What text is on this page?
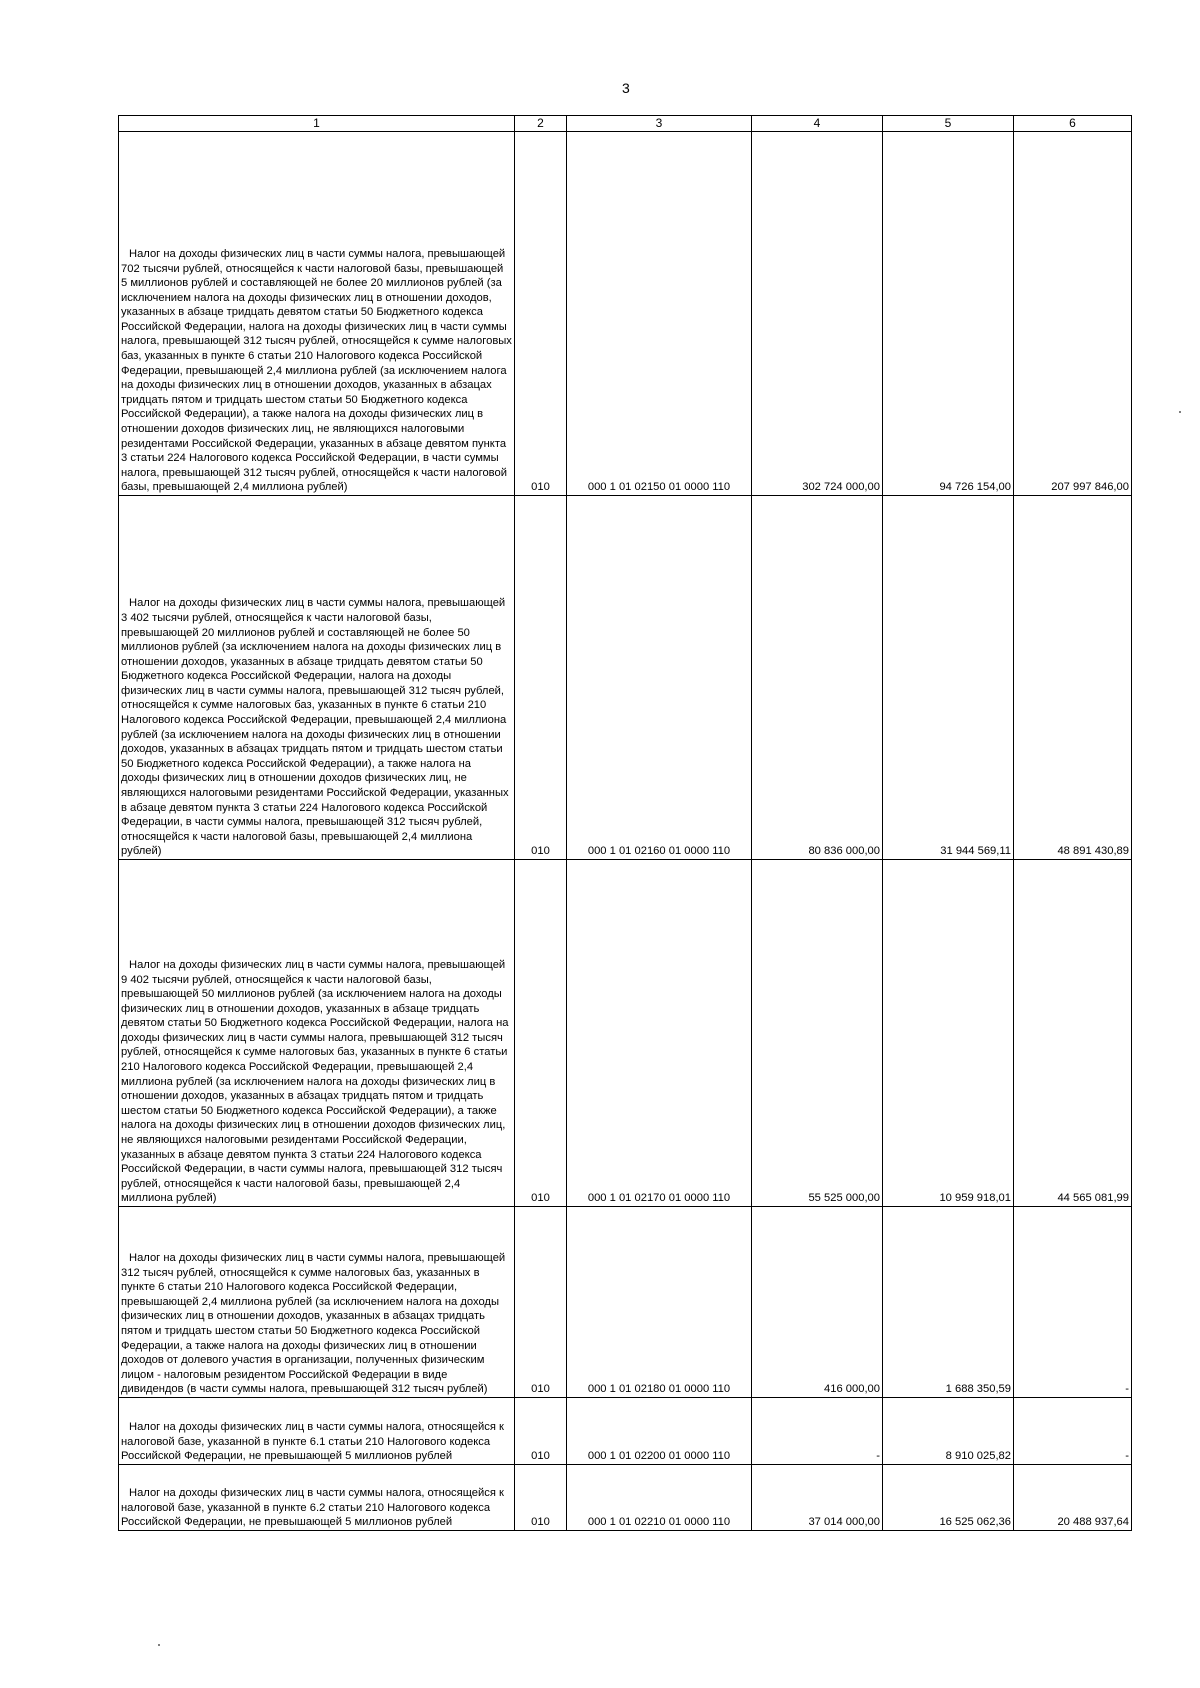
3
1	2	3	4	5	6

Налог на доходы физических лиц в части суммы налога, превышающей 702 тысячи рублей, относящейся к части налоговой базы, превышающей 5 миллионов рублей и составляющей не более 20 миллионов рублей (за исключением налога на доходы физических лиц в отношении доходов, указанных в абзаце тридцать девятом статьи 50 Бюджетного кодекса Российской Федерации, налога на доходы физических лиц в части суммы налога, превышающей 312 тысяч рублей, относящейся к сумме налоговых баз, указанных в пункте 6 статьи 210 Налогового кодекса Российской Федерации, превышающей 2,4 миллиона рублей (за исключением налога на доходы физических лиц в отношении доходов, указанных в абзацах тридцать пятом и тридцать шестом статьи 50 Бюджетного кодекса Российской Федерации), а также налога на доходы физических лиц в отношении доходов физических лиц, не являющихся налоговыми резидентами Российской Федерации, указанных в абзаце девятом пункта 3 статьи 224 Налогового кодекса Российской Федерации, в части суммы налога, превышающей 312 тысяч рублей, относящейся к части налоговой базы, превышающей 2,4 миллиона рублей)	010	000 1 01 02150 01 0000 110	302 724 000,00	94 726 154,00	207 997 846,00

Налог на доходы физических лиц в части суммы налога, превышающей 3 402 тысячи рублей, относящейся к части налоговой базы, превышающей 20 миллионов рублей и составляющей не более 50 миллионов рублей (за исключением налога на доходы физических лиц в отношении доходов, указанных в абзаце тридцать девятом статьи 50 Бюджетного кодекса Российской Федерации, налога на доходы физических лиц в части суммы налога, превышающей 312 тысяч рублей, относящейся к сумме налоговых баз, указанных в пункте 6 статьи 210 Налогового кодекса Российской Федерации, превышающей 2,4 миллиона рублей (за исключением налога на доходы физических лиц в отношении доходов, указанных в абзацах тридцать пятом и тридцать шестом статьи 50 Бюджетного кодекса Российской Федерации), а также налога на доходы физических лиц в отношении доходов физических лиц, не являющихся налоговыми резидентами Российской Федерации, указанных в абзаце девятом пункта 3 статьи 224 Налогового кодекса Российской Федерации, в части суммы налога, превышающей 312 тысяч рублей, относящейся к части налоговой базы, превышающей 2,4 миллиона рублей)	010	000 1 01 02160 01 0000 110	80 836 000,00	31 944 569,11	48 891 430,89

Налог на доходы физических лиц в части суммы налога, превышающей 9 402 тысячи рублей, относящейся к части налоговой базы, превышающей 50 миллионов рублей (за исключением налога на доходы физических лиц в отношении доходов, указанных в абзаце тридцать девятом статьи 50 Бюджетного кодекса Российской Федерации, налога на доходы физических лиц в части суммы налога, превышающей 312 тысяч рублей, относящейся к сумме налоговых баз, указанных в пункте 6 статьи 210 Налогового кодекса Российской Федерации, превышающей 2,4 миллиона рублей (за исключением налога на доходы физических лиц в отношении доходов, указанных в абзацах тридцать пятом и тридцать шестом статьи 50 Бюджетного кодекса Российской Федерации), а также налога на доходы физических лиц в отношении доходов физических лиц, не являющихся налоговыми резидентами Российской Федерации, указанных в абзаце девятом пункта 3 статьи 224 Налогового кодекса Российской Федерации, в части суммы налога, превышающей 312 тысяч рублей, относящейся к части налоговой базы, превышающей 2,4 миллиона рублей)	010	000 1 01 02170 01 0000 110	55 525 000,00	10 959 918,01	44 565 081,99

Налог на доходы физических лиц в части суммы налога, превышающей 312 тысяч рублей, относящейся к сумме налоговых баз, указанных в пункте 6 статьи 210 Налогового кодекса Российской Федерации, превышающей 2,4 миллиона рублей (за исключением налога на доходы физических лиц в отношении доходов, указанных в абзацах тридцать пятом и тридцать шестом статьи 50 Бюджетного кодекса Российской Федерации, а также налога на доходы физических лиц в отношении доходов от долевого участия в организации, полученных физическим лицом - налоговым резидентом Российской Федерации в виде дивидендов (в части суммы налога, превышающей 312 тысяч рублей)	010	000 1 01 02180 01 0000 110	416 000,00	1 688 350,59	-

Налог на доходы физических лиц в части суммы налога, относящейся к налоговой базе, указанной в пункте 6.1 статьи 210 Налогового кодекса Российской Федерации, не превышающей 5 миллионов рублей	010	000 1 01 02200 01 0000 110	-	8 910 025,82	-

Налог на доходы физических лиц в части суммы налога, относящейся к налоговой базе, указанной в пункте 6.2 статьи 210 Налогового кодекса Российской Федерации, не превышающей 5 миллионов рублей	010	000 1 01 02210 01 0000 110	37 014 000,00	16 525 062,36	20 488 937,64
